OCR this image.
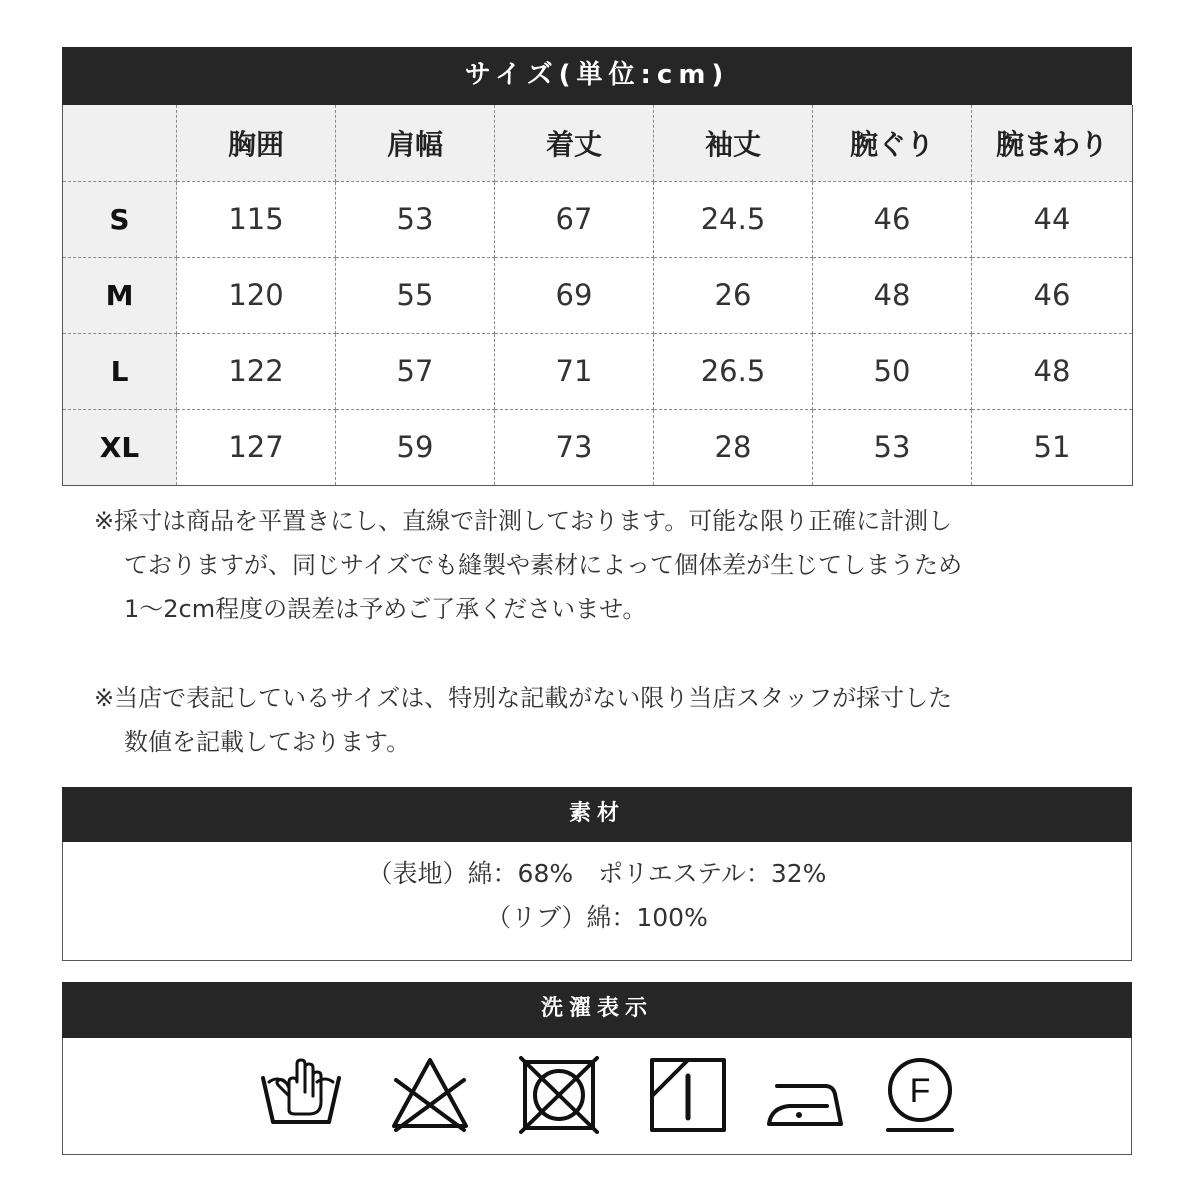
サイズ(単位:cm)
	胸囲	肩幅	着丈	袖丈	腕ぐり	腕まわり
S	115	53	67	24.5	46	44
M	120	55	69	26	48	46
L	122	57	71	26.5	50	48
XL	127	59	73	28	53	51
※採寸は商品を平置きにし、直線で計測しております。可能な限り正確に計測し
ておりますが、同じサイズでも縫製や素材によって個体差が生じてしまうため
1～2cm程度の誤差は予めご了承くださいませ。
※当店で表記しているサイズは、特別な記載がない限り当店スタッフが採寸した
数値を記載しております。
素材
（表地）綿：68%　ポリエステル：32%
（リブ）綿：100%
洗濯表示
F
